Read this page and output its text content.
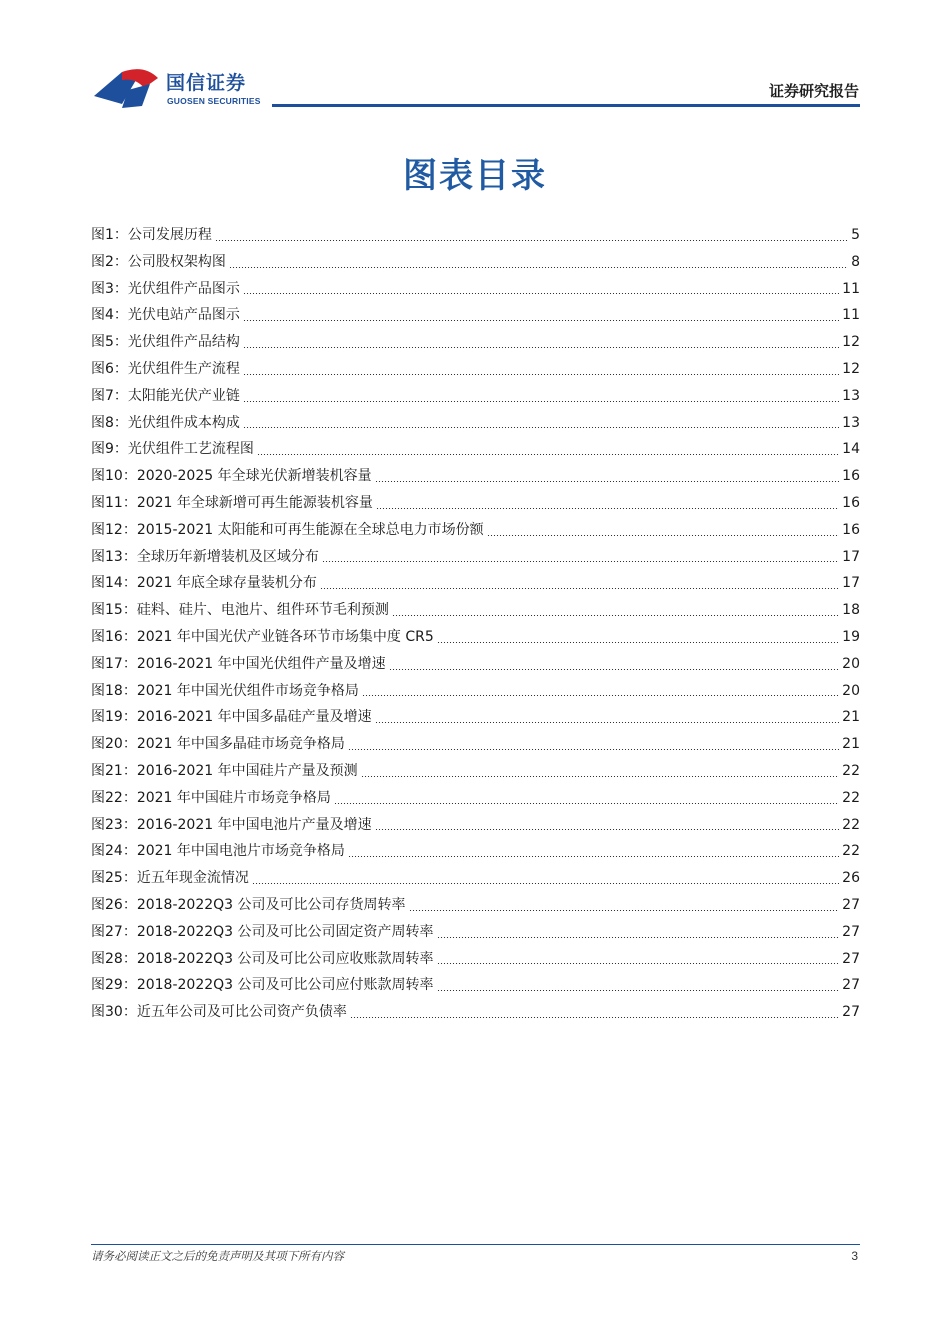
国信证券
GUOSEN SECURITIES
证券研究报告
图表目录
图1： 公司发展历程	5
图2： 公司股权架构图	8
图3： 光伏组件产品图示	11
图4： 光伏电站产品图示	11
图5： 光伏组件产品结构	12
图6： 光伏组件生产流程	12
图7： 太阳能光伏产业链	13
图8： 光伏组件成本构成	13
图9： 光伏组件工艺流程图	14
图10： 2020-2025 年全球光伏新增装机容量	16
图11： 2021 年全球新增可再生能源装机容量	16
图12： 2015-2021 太阳能和可再生能源在全球总电力市场份额	16
图13： 全球历年新增装机及区域分布	17
图14： 2021 年底全球存量装机分布	17
图15： 硅料、硅片、电池片、组件环节毛利预测	18
图16： 2021 年中国光伏产业链各环节市场集中度 CR5	19
图17： 2016-2021 年中国光伏组件产量及增速	20
图18： 2021 年中国光伏组件市场竞争格局	20
图19： 2016-2021 年中国多晶硅产量及增速	21
图20： 2021 年中国多晶硅市场竞争格局	21
图21： 2016-2021 年中国硅片产量及预测	22
图22： 2021 年中国硅片市场竞争格局	22
图23： 2016-2021 年中国电池片产量及增速	22
图24： 2021 年中国电池片市场竞争格局	22
图25： 近五年现金流情况	26
图26： 2018-2022Q3 公司及可比公司存货周转率	27
图27： 2018-2022Q3 公司及可比公司固定资产周转率	27
图28： 2018-2022Q3 公司及可比公司应收账款周转率	27
图29： 2018-2022Q3 公司及可比公司应付账款周转率	27
图30： 近五年公司及可比公司资产负债率	27
请务必阅读正文之后的免责声明及其项下所有内容	3
